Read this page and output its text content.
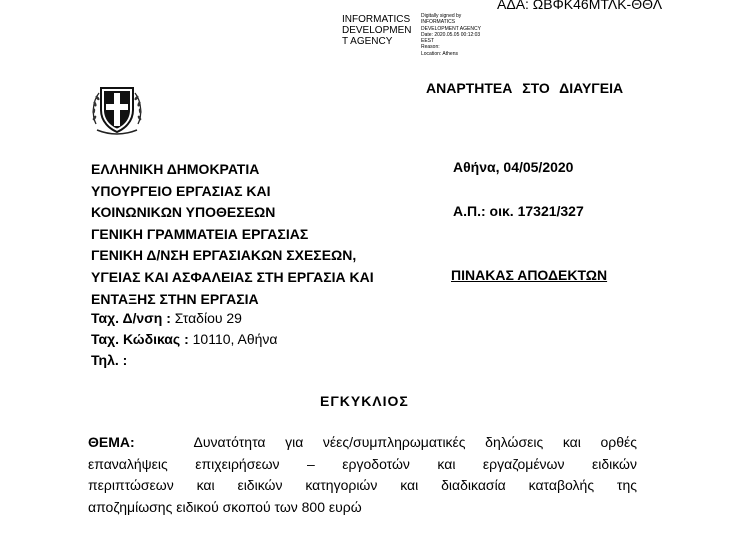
ΑΔΑ: ΩΒΦΚ46ΜΤΛΚ-ΘΘΛ
INFORMATICS
DEVELOPMEN
T AGENCY
Digitally signed by
INFORMATICS
DEVELOPMENT AGENCY
Date: 2020.05.05 00:12:03
EEST
Reason:
Location: Athens
ΑΝΑΡΤΗΤΕΑ ΣΤΟ ΔΙΑΥΓΕΙΑ
ΕΛΛΗΝΙΚΗ ΔΗΜΟΚΡΑΤΙΑ
ΥΠΟΥΡΓΕΙΟ ΕΡΓΑΣΙΑΣ ΚΑΙ
ΚΟΙΝΩΝΙΚΩΝ ΥΠΟΘΕΣΕΩΝ
ΓΕΝΙΚΗ ΓΡΑΜΜΑΤΕΙΑ ΕΡΓΑΣΙΑΣ
ΓΕΝΙΚΗ Δ/ΝΣΗ ΕΡΓΑΣΙΑΚΩΝ ΣΧΕΣΕΩΝ,
ΥΓΕΙΑΣ ΚΑΙ ΑΣΦΑΛΕΙΑΣ ΣΤΗ ΕΡΓΑΣΙΑ ΚΑΙ
ΕΝΤΑΞΗΣ ΣΤΗΝ ΕΡΓΑΣΙΑ
Αθήνα, 04/05/2020
Α.Π.: οικ. 17321/327
ΠΙΝΑΚΑΣ ΑΠΟΔΕΚΤΩΝ
Ταχ. Δ/νση : Σταδίου 29
Ταχ. Κώδικας : 10110, Αθήνα
Τηλ. :
ΕΓΚΥΚΛΙΟΣ
ΘΕΜΑ:	Δυνατότητα για νέες/συμπληρωματικές δηλώσεις και ορθές
επαναλήψεις επιχειρήσεων – εργοδοτών και εργαζομένων ειδικών
περιπτώσεων και ειδικών κατηγοριών και διαδικασία καταβολής της
αποζημίωσης ειδικού σκοπού των 800 ευρώ
